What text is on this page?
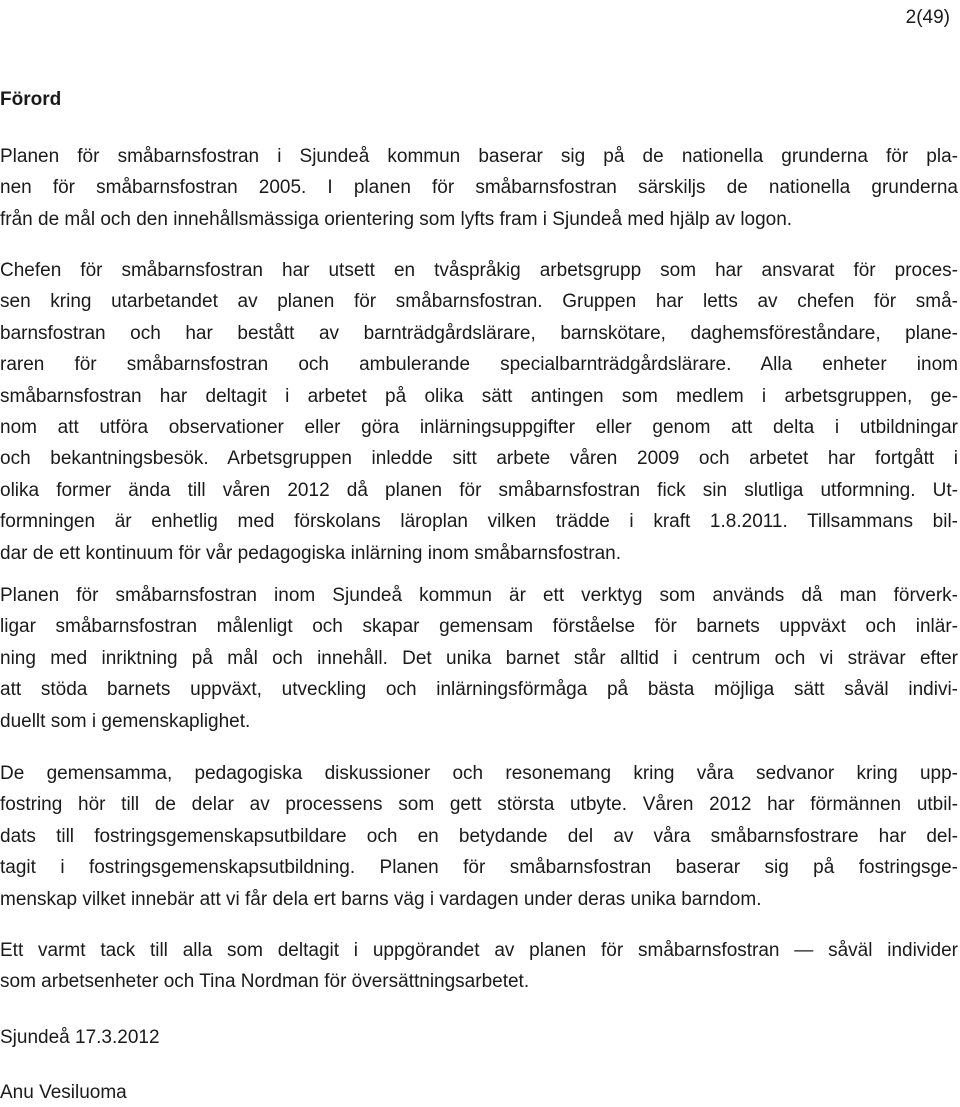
2(49)
Förord
Planen för småbarnsfostran i Sjundeå kommun baserar sig på de nationella grunderna för pla-
nen för småbarnsfostran 2005. I planen för småbarnsfostran särskiljs de nationella grunderna
från de mål och den innehållsmässiga orientering som lyfts fram i Sjundeå med hjälp av logon.
Chefen för småbarnsfostran har utsett en tvåspråkig arbetsgrupp som har ansvarat för proces-
sen kring utarbetandet av planen för småbarnsfostran. Gruppen har letts av chefen för små-
barnsfostran och har bestått av barnträdgårdslärare, barnskötare, daghemsföreståndare, plane-
raren för småbarnsfostran och ambulerande specialbarnträdgårdslärare. Alla enheter inom
småbarnsfostran har deltagit i arbetet på olika sätt antingen som medlem i arbetsgruppen, ge-
nom att utföra observationer eller göra inlärningsuppgifter eller genom att delta i utbildningar
och bekantningsbesök. Arbetsgruppen inledde sitt arbete våren 2009 och arbetet har fortgått i
olika former ända till våren 2012 då planen för småbarnsfostran fick sin slutliga utformning. Ut-
formningen är enhetlig med förskolans läroplan vilken trädde i kraft 1.8.2011. Tillsammans bil-
dar de ett kontinuum för vår pedagogiska inlärning inom småbarnsfostran.
Planen för småbarnsfostran inom Sjundeå kommun är ett verktyg som används då man förverk-
ligar småbarnsfostran målenligt och skapar gemensam förståelse för barnets uppväxt och inlär-
ning med inriktning på mål och innehåll. Det unika barnet står alltid i centrum och vi strävar efter
att stöda barnets uppväxt, utveckling och inlärningsförmåga på bästa möjliga sätt såväl indivi-
duellt som i gemenskaplighet.
De gemensamma, pedagogiska diskussioner och resonemang kring våra sedvanor kring upp-
fostring hör till de delar av processens som gett största utbyte. Våren 2012 har förmännen utbil-
dats till fostringsgemenskapsutbildare och en betydande del av våra småbarnsfostrare har del-
tagit i fostringsgemenskapsutbildning. Planen för småbarnsfostran baserar sig på fostringsge-
menskap vilket innebär att vi får dela ert barns väg i vardagen under deras unika barndom.
Ett varmt tack till alla som deltagit i uppgörandet av planen för småbarnsfostran — såväl individer
som arbetsenheter och Tina Nordman för översättningsarbetet.
Sjundeå 17.3.2012
Anu Vesiluoma
